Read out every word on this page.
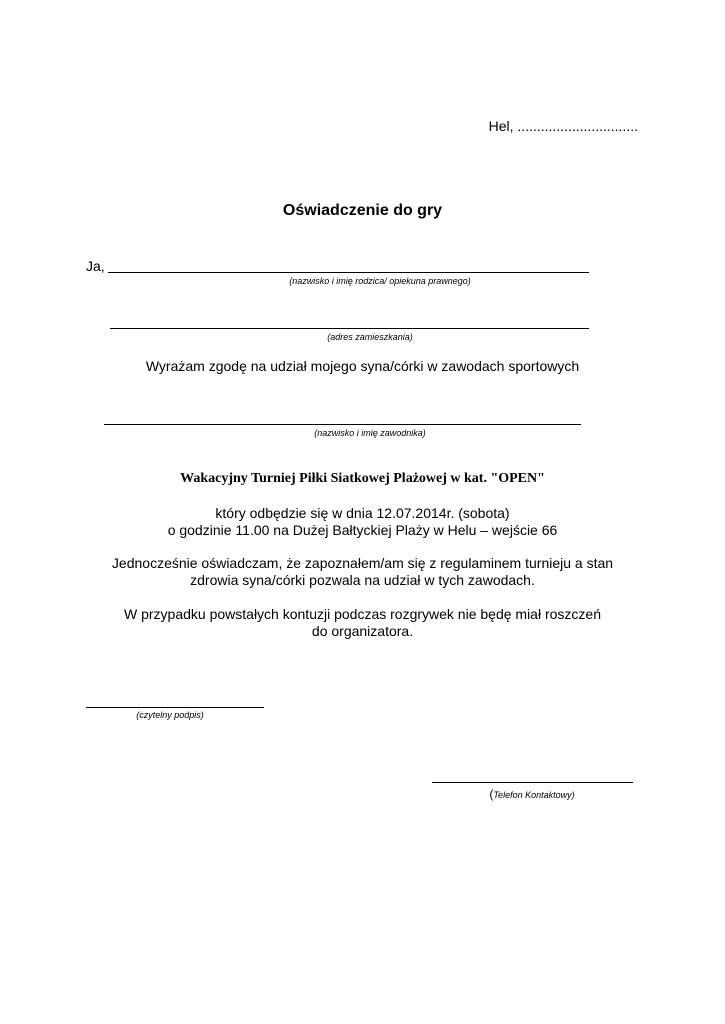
Hel, ...............................
Oświadczenie do gry
Ja,
(nazwisko i imię rodzica/ opiekuna prawnego)
(adres zamieszkania)
Wyrażam zgodę na udział mojego syna/córki w zawodach sportowych
(nazwisko i imię zawodnika)
Wakacyjny Turniej Piłki Siatkowej Plażowej w kat. "OPEN"
który odbędzie się w dnia 12.07.2014r. (sobota)
o godzinie 11.00 na Dużej Bałtyckiej Plaży w Helu – wejście 66
Jednocześnie oświadczam, że zapoznałem/am się z regulaminem turnieju a stan
zdrowia syna/córki pozwala na udział w tych zawodach.
W przypadku powstałych kontuzji podczas rozgrywek nie będę miał roszczeń
do organizatora.
(czytelny podpis)
(Telefon Kontaktowy)
